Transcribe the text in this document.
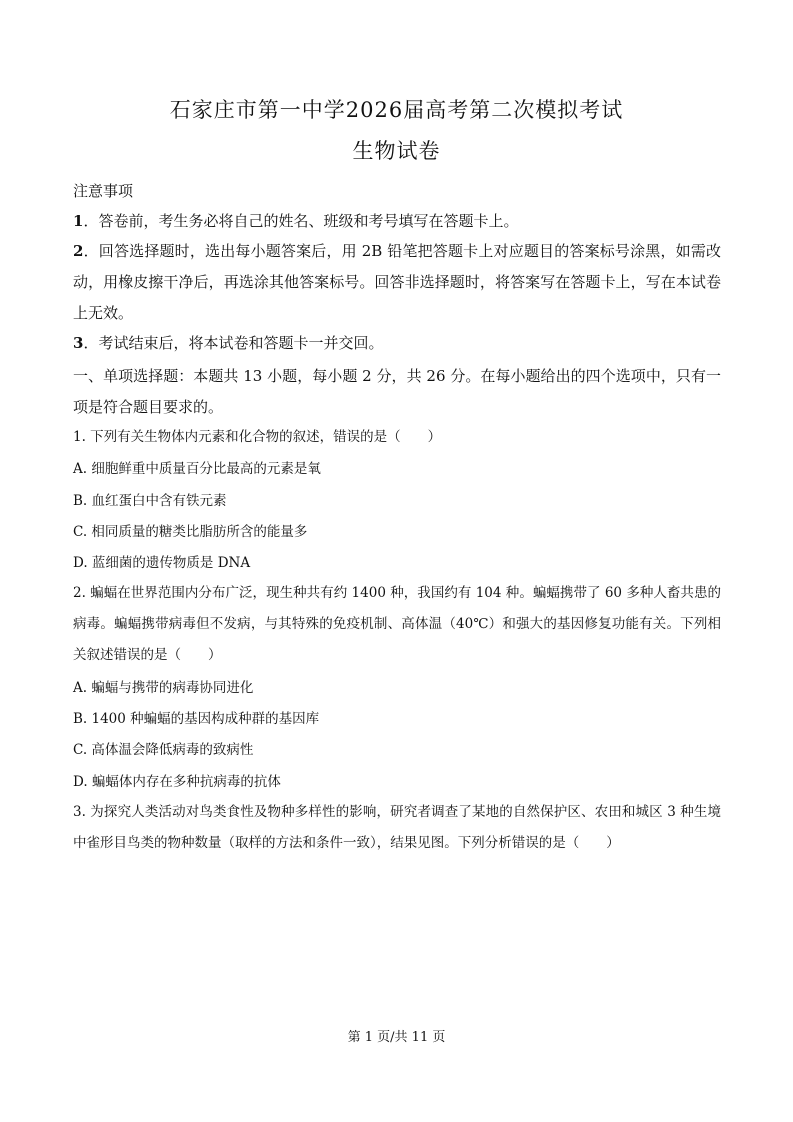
石家庄市第一中学2026届高考第二次模拟考试
生物试卷
注意事项
1．答卷前，考生务必将自己的姓名、班级和考号填写在答题卡上。
2．回答选择题时，选出每小题答案后，用 2B 铅笔把答题卡上对应题目的答案标号涂黑，如需改动，用橡皮擦干净后，再选涂其他答案标号。回答非选择题时，将答案写在答题卡上，写在本试卷上无效。
3．考试结束后，将本试卷和答题卡一并交回。
一、单项选择题：本题共 13 小题，每小题 2 分，共 26 分。在每小题给出的四个选项中，只有一项是符合题目要求的。
1. 下列有关生物体内元素和化合物的叙述，错误的是（　　）
A. 细胞鲜重中质量百分比最高的元素是氧
B. 血红蛋白中含有铁元素
C. 相同质量的糖类比脂肪所含的能量多
D. 蓝细菌的遗传物质是 DNA
2. 蝙蝠在世界范围内分布广泛，现生种共有约 1400 种，我国约有 104 种。蝙蝠携带了 60 多种人畜共患的病毒。蝙蝠携带病毒但不发病，与其特殊的免疫机制、高体温（40℃）和强大的基因修复功能有关。下列相关叙述错误的是（　　）
A. 蝙蝠与携带的病毒协同进化
B. 1400 种蝙蝠的基因构成种群的基因库
C. 高体温会降低病毒的致病性
D. 蝙蝠体内存在多种抗病毒的抗体
3. 为探究人类活动对鸟类食性及物种多样性的影响，研究者调查了某地的自然保护区、农田和城区 3 种生境中雀形目鸟类的物种数量（取样的方法和条件一致），结果见图。下列分析错误的是（　　）
第 1 页/共 11 页
